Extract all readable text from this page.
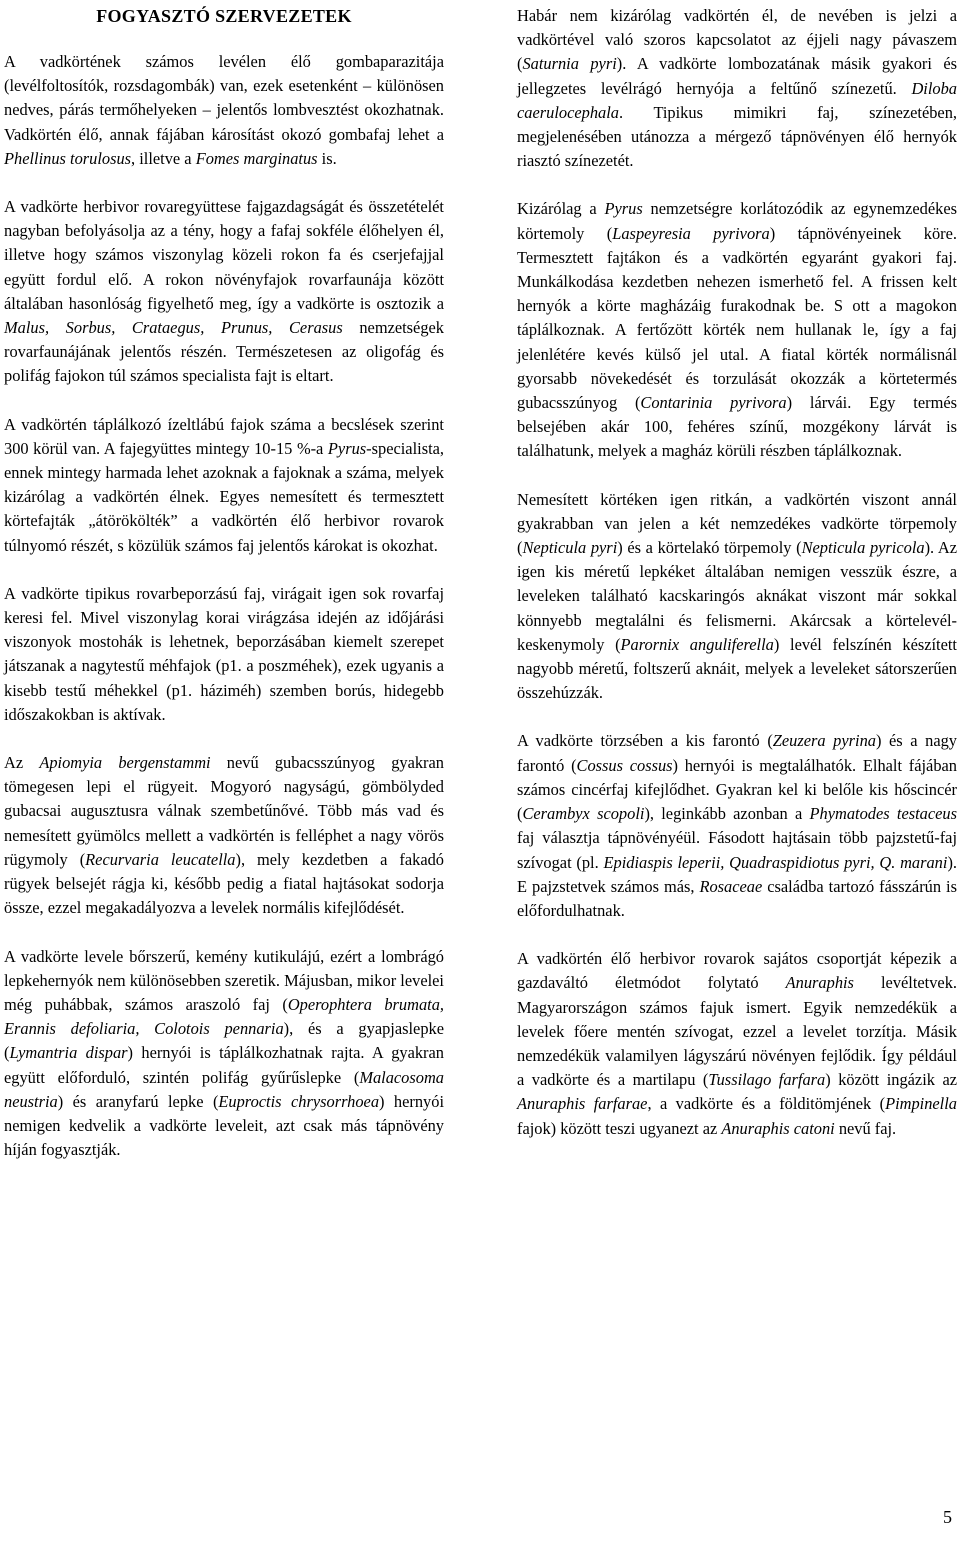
FOGYASZTÓ SZERVEZETEK

A vadkörtének számos levélen élő gombaparazitája (levélfoltosítók, rozsdagombák) van, ezek esetenként – különösen nedves, párás termőhelyeken – jelentős lombvesztést okozhatnak. Vadkörtén élő, annak fájában károsítást okozó gombafaj lehet a Phellinus torulosus, illetve a Fomes marginatus is.

A vadkörte herbivor rovaregyüttese fajgazdagságát és összetételét nagyban befolyásolja az a tény, hogy a fafaj sokféle élőhelyen él, illetve hogy számos viszonylag közeli rokon fa és cserjefajjal együtt fordul elő. A rokon növényfajok rovarfaunája között általában hasonlóság figyelhető meg, így a vadkörte is osztozik a Malus, Sorbus, Crataegus, Prunus, Cerasus nemzetségek rovarfaunájának jelentős részén. Természetesen az oligofág és polifág fajokon túl számos specialista fajt is eltart.

A vadkörtén táplálkozó ízeltlábú fajok száma a becslések szerint 300 körül van. A fajegyüttes mintegy 10-15 %-a Pyrus-specialista, ennek mintegy harmada lehet azoknak a fajoknak a száma, melyek kizárólag a vadkörtén élnek. Egyes nemesített és termesztett körtefajták „átörökölték” a vadkörtén élő herbivor rovarok túlnyomó részét, s közülük számos faj jelentős károkat is okozhat.

A vadkörte tipikus rovarbeporzású faj, virágait igen sok rovarfaj keresi fel. Mivel viszonylag korai virágzása idején az időjárási viszonyok mostohák is lehetnek, beporzásában kiemelt szerepet játszanak a nagytestű méhfajok (p1. a poszméhek), ezek ugyanis a kisebb testű méhekkel (p1. háziméh) szemben borús, hidegebb időszakokban is aktívak.

Az Apiomyia bergenstammi nevű gubacsszúnyog gyakran tömegesen lepi el rügyeit. Mogyoró nagyságú, gömbölyded gubacsai augusztusra válnak szembetűnővé. Több más vad és nemesített gyümölcs mellett a vadkörtén is felléphet a nagy vörös rügymoly (Recurvaria leucatella), mely kezdetben a fakadó rügyek belsejét rágja ki, később pedig a fiatal hajtásokat sodorja össze, ezzel megakadályozva a levelek normális kifejlődését.

A vadkörte levele bőrszerű, kemény kutikulájú, ezért a lombrágó lepkehernyók nem különösebben szeretik. Májusban, mikor levelei még puhábbak, számos araszoló faj (Operophtera brumata, Erannis defoliaria, Colotois pennaria), és a gyapjaslepke (Lymantria dispar) hernyói is táplálkozhatnak rajta. A gyakran együtt előforduló, szintén polifág gyűrűslepke (Malacosoma neustria) és aranyfarú lepke (Euproctis chrysorrhoea) hernyói nemigen kedvelik a vadkörte leveleit, azt csak más tápnövény híján fogyasztják.

Habár nem kizárólag vadkörtén él, de nevében is jelzi a vadkörtével való szoros kapcsolatot az éjjeli nagy pávaszem (Saturnia pyri). A vadkörte lombozatának másik gyakori és jellegzetes levélrágó hernyója a feltűnő színezetű. Diloba caerulocephala. Tipikus mimikri faj, színezetében, megjelenésében utánozza a mérgező tápnövényen élő hernyók riasztó színezetét.

Kizárólag a Pyrus nemzetségre korlátozódik az egynemzedékes körtemoly (Laspeyresia pyrivora) tápnövényeinek köre. Termesztett fajtákon és a vadkörtén egyaránt gyakori faj. Munkálkodása kezdetben nehezen ismerhető fel. A frissen kelt hernyók a körte magházáig furakodnak be. S ott a magokon táplálkoznak. A fertőzött körték nem hullanak le, így a faj jelenlétére kevés külső jel utal. A fiatal körték normálisnál gyorsabb növekedését és torzulását okozzák a körtetermés gubacsszúnyog (Contarinia pyrivora) lárvái. Egy termés belsejében akár 100, fehéres színű, mozgékony lárvát is találhatunk, melyek a magház körüli részben táplálkoznak.

Nemesített körtéken igen ritkán, a vadkörtén viszont annál gyakrabban van jelen a két nemzedékes vadkörte törpemoly (Nepticula pyri) és a körtelakó törpemoly (Nepticula pyricola). Az igen kis méretű lepkéket általában nemigen vesszük észre, a leveleken található kacskaringós aknákat viszont már sokkal könnyebb megtalálni és felismerni. Akárcsak a körtelevél-keskenymoly (Parornix anguliferella) levél felszínén készített nagyobb méretű, foltszerű aknáit, melyek a leveleket sátorszerűen összehúzzák.

A vadkörte törzsében a kis farontó (Zeuzera pyrina) és a nagy farontó (Cossus cossus) hernyói is megtalálhatók. Elhalt fájában számos cincérfaj kifejlődhet. Gyakran kel ki belőle kis hőscincér (Cerambyx scopoli), leginkább azonban a Phymatodes testaceus faj választja tápnövényéül. Fásodott hajtásain több pajzstetű-faj szívogat (pl. Epidiaspis leperii, Quadraspidiotus pyri, Q. marani). E pajzstetvek számos más, Rosaceae családba tartozó fásszárún is előfordulhatnak.

A vadkörtén élő herbivor rovarok sajátos csoportját képezik a gazdaváltó életmódot folytató Anuraphis levéltetvek. Magyarországon számos fajuk ismert. Egyik nemzedékük a levelek főere mentén szívogat, ezzel a levelet torzítja. Másik nemzedékük valamilyen lágyszárú növényen fejlődik. Így például a vadkörte és a martilapu (Tussilago farfara) között ingázik az Anuraphis farfarae, a vadkörte és a földitömjének (Pimpinella fajok) között teszi ugyanezt az Anuraphis catoni nevű faj.

5
